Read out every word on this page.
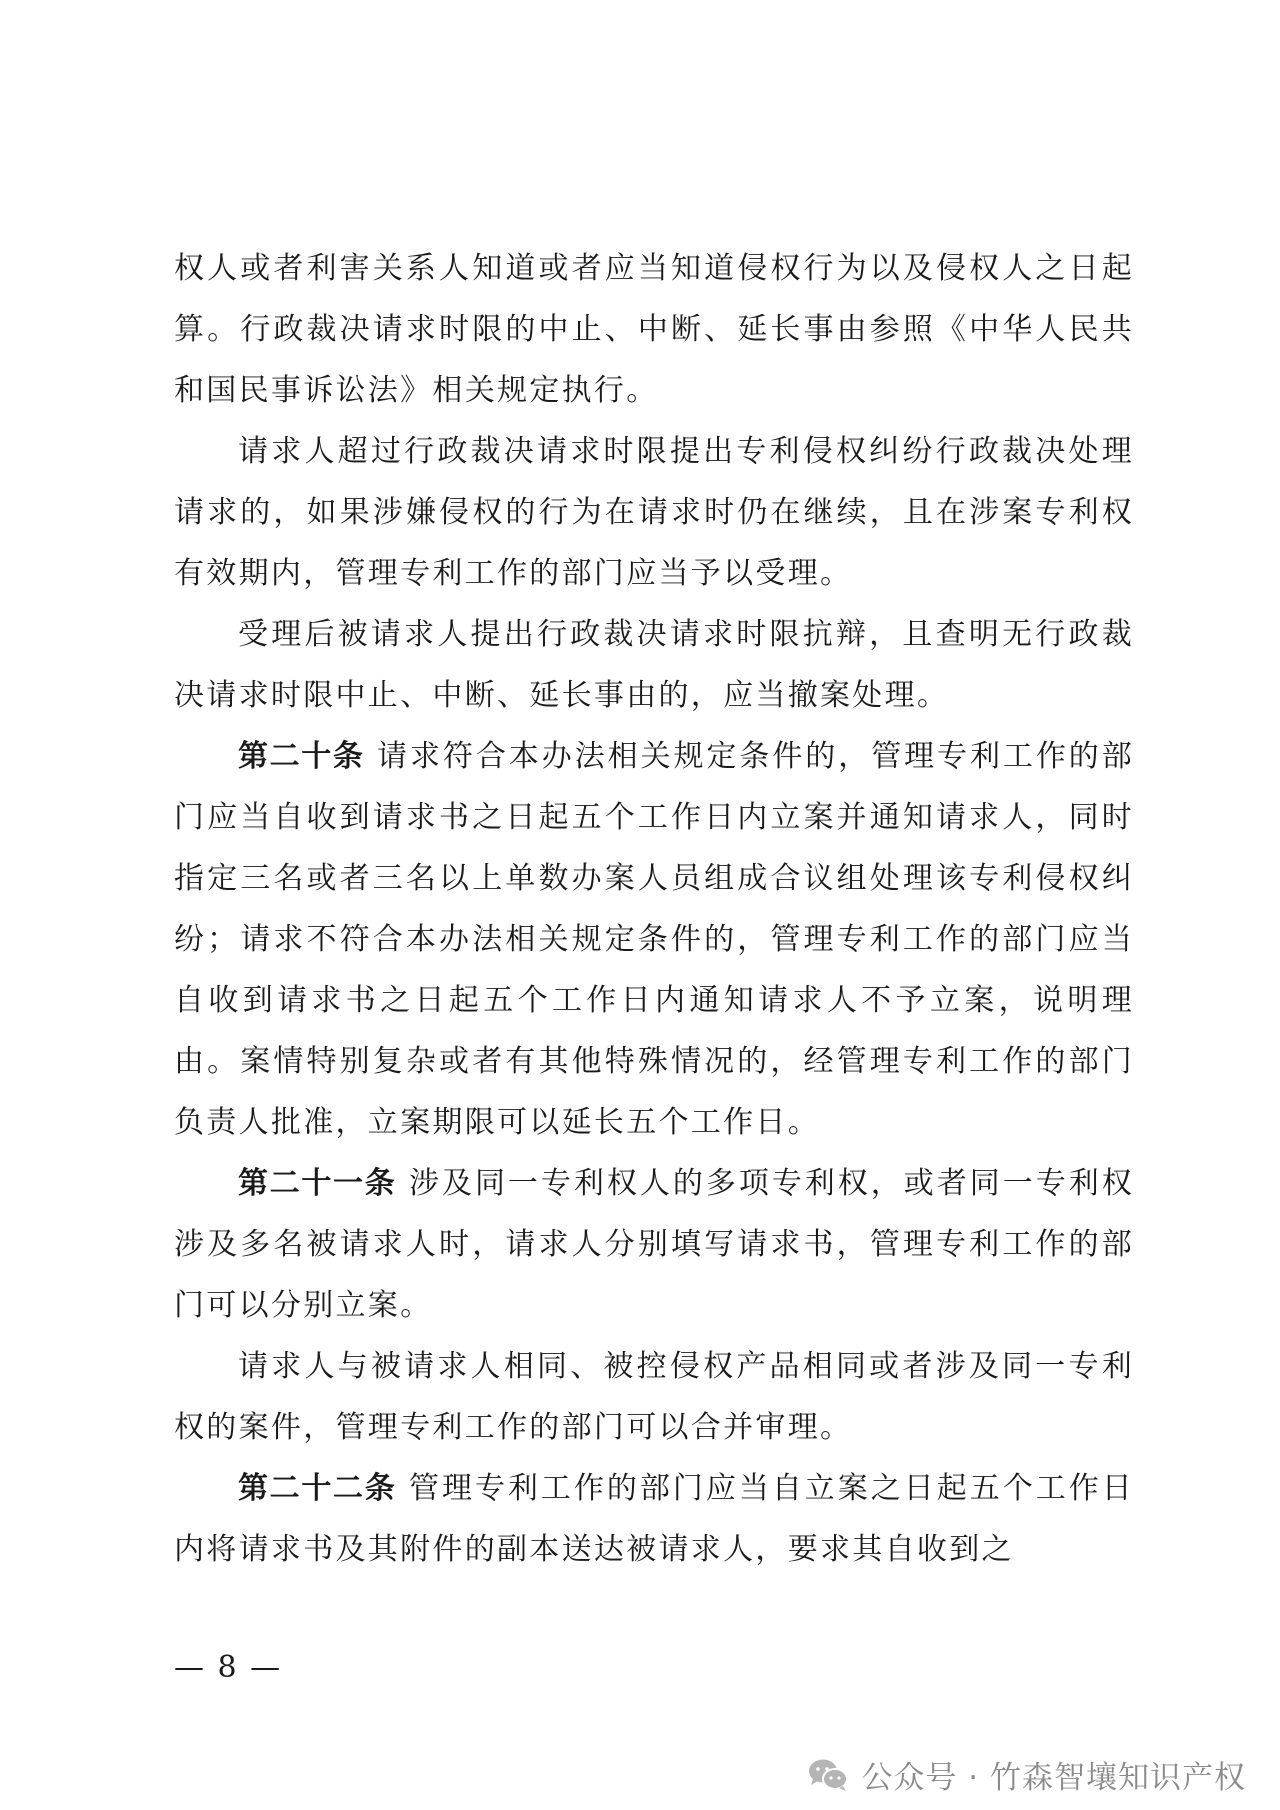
权人或者利害关系人知道或者应当知道侵权行为以及侵权人之日起算。行政裁决请求时限的中止、中断、延长事由参照《中华人民共和国民事诉讼法》相关规定执行。

请求人超过行政裁决请求时限提出专利侵权纠纷行政裁决处理请求的，如果涉嫌侵权的行为在请求时仍在继续，且在涉案专利权有效期内，管理专利工作的部门应当予以受理。

受理后被请求人提出行政裁决请求时限抗辩，且查明无行政裁决请求时限中止、中断、延长事由的，应当撤案处理。

第二十条 请求符合本办法相关规定条件的，管理专利工作的部门应当自收到请求书之日起五个工作日内立案并通知请求人，同时指定三名或者三名以上单数办案人员组成合议组处理该专利侵权纠纷；请求不符合本办法相关规定条件的，管理专利工作的部门应当自收到请求书之日起五个工作日内通知请求人不予立案，说明理由。案情特别复杂或者有其他特殊情况的，经管理专利工作的部门负责人批准，立案期限可以延长五个工作日。

第二十一条 涉及同一专利权人的多项专利权，或者同一专利权涉及多名被请求人时，请求人分别填写请求书，管理专利工作的部门可以分别立案。

请求人与被请求人相同、被控侵权产品相同或者涉及同一专利权的案件，管理专利工作的部门可以合并审理。

第二十二条 管理专利工作的部门应当自立案之日起五个工作日内将请求书及其附件的副本送达被请求人，要求其自收到之

— 8 —
公众号 · 竹森智壤知识产权
